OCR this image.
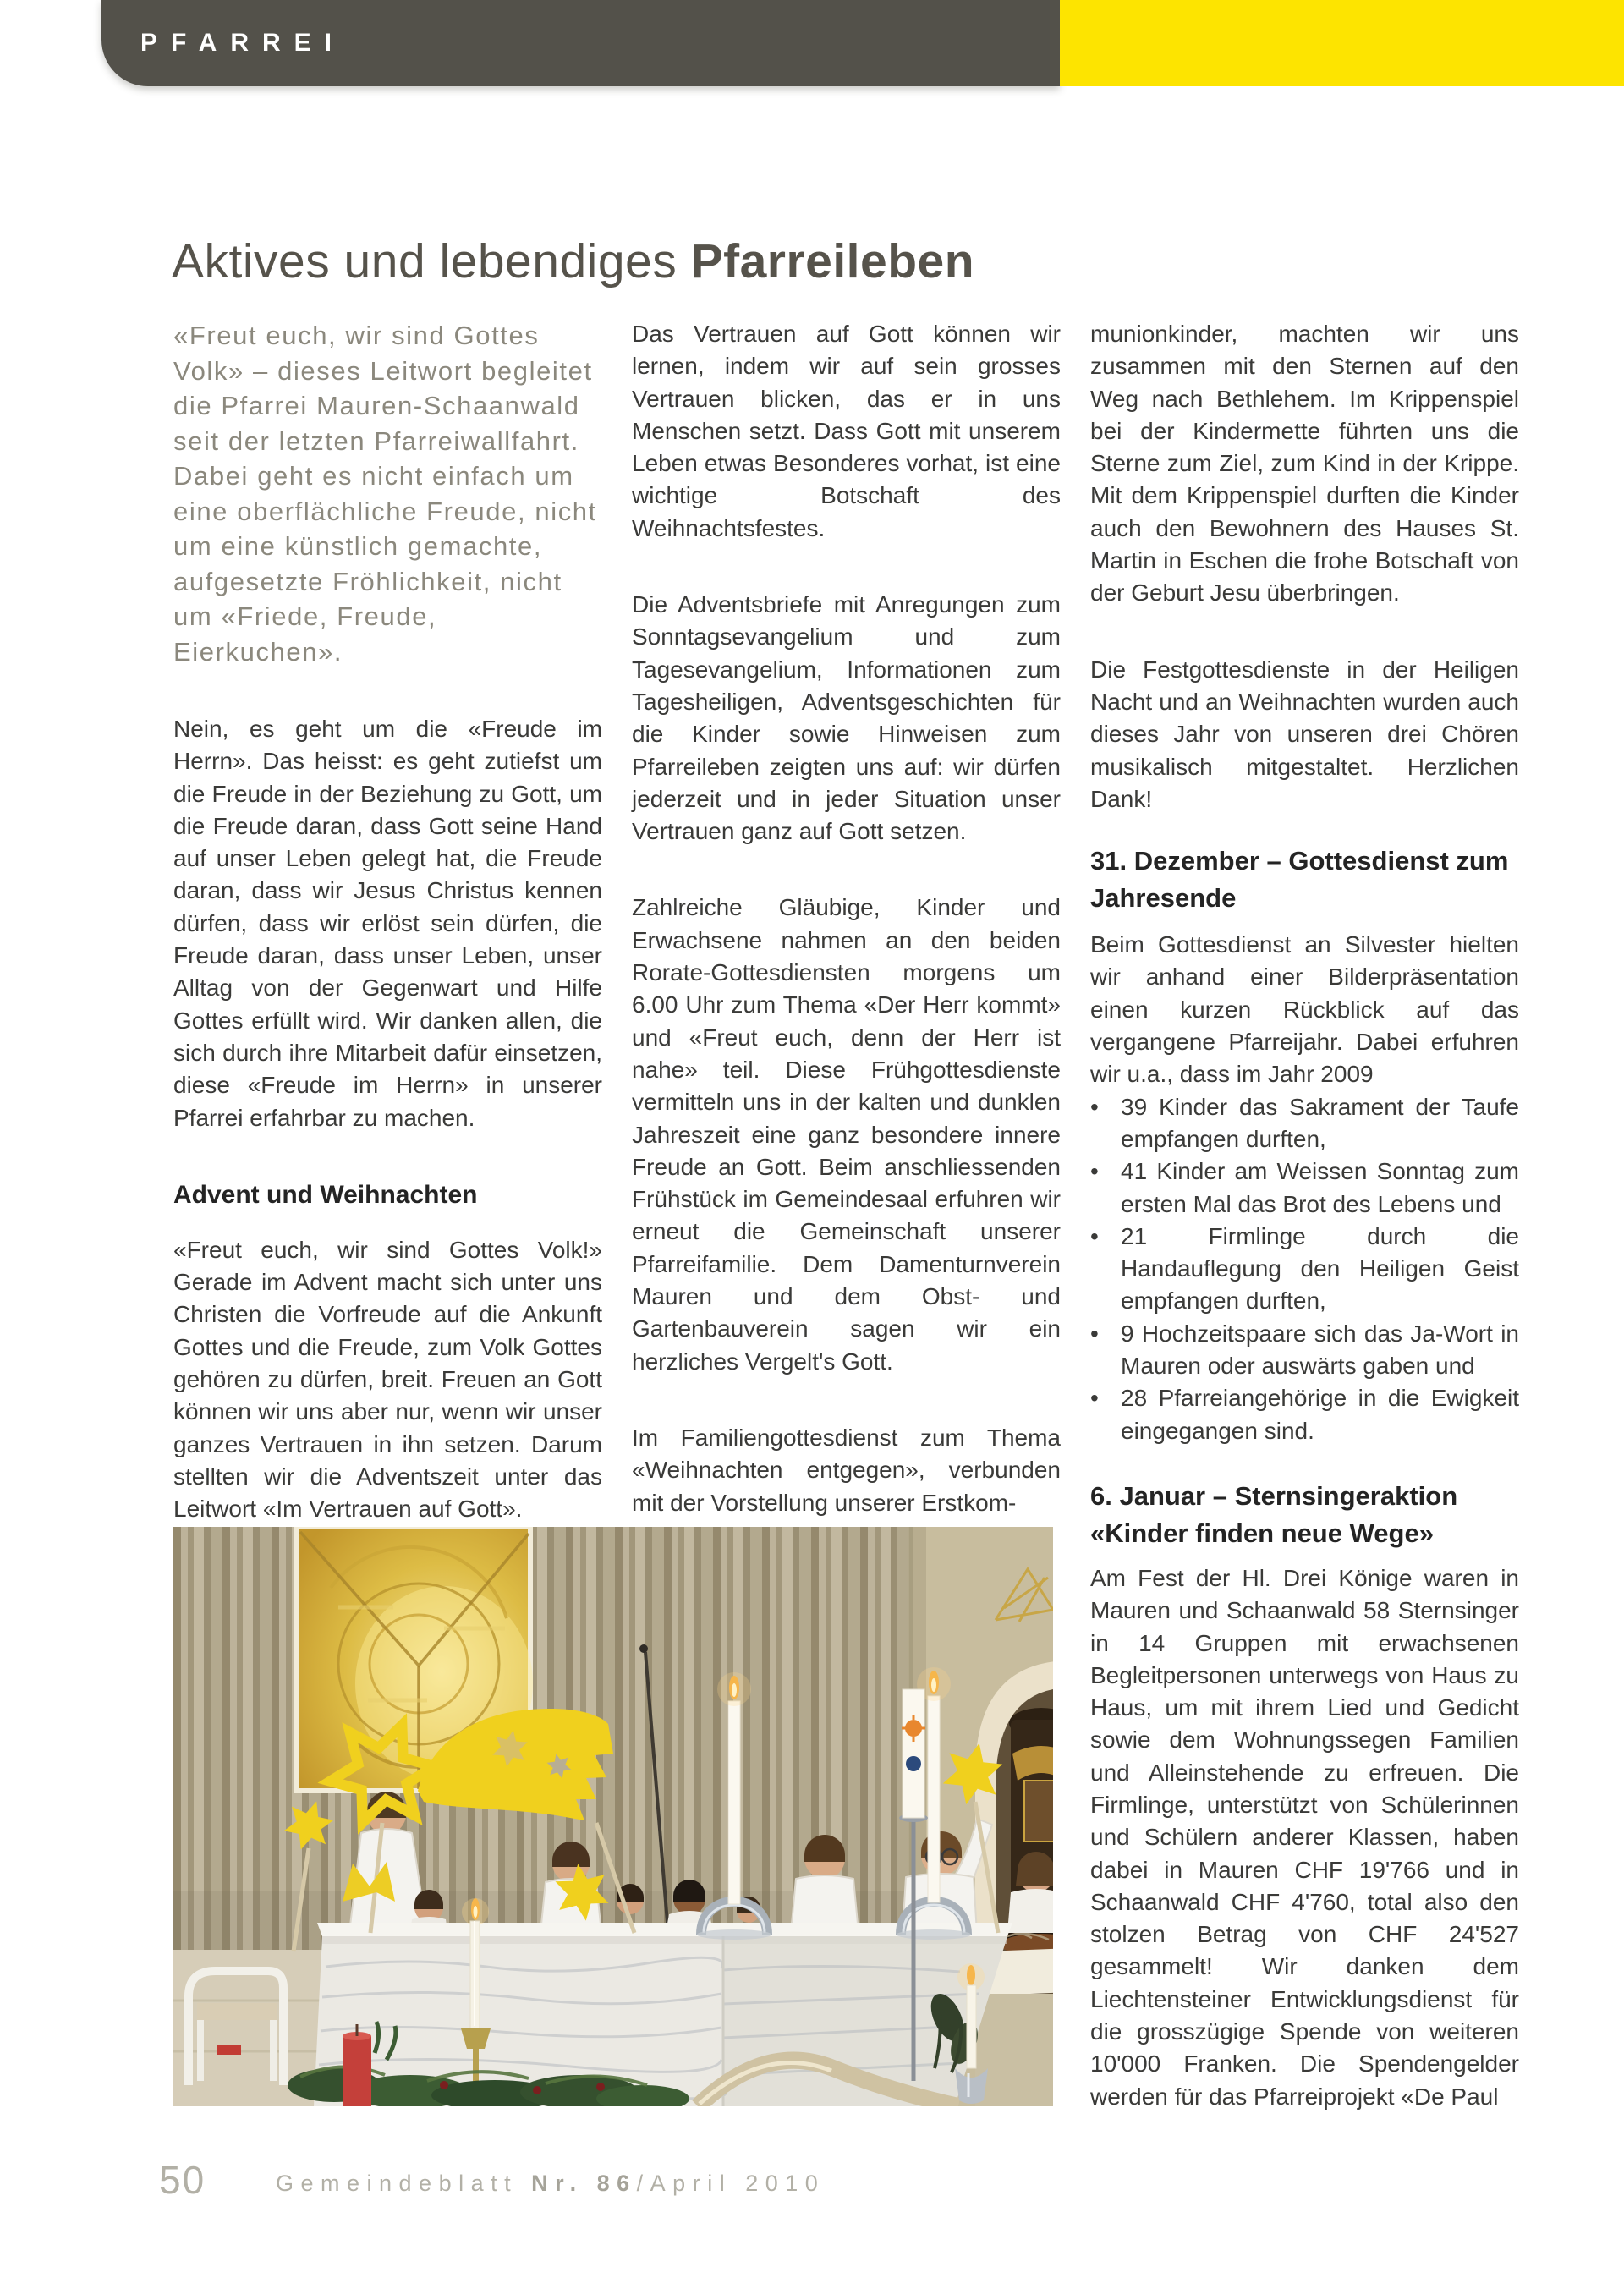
PFARREI
Aktives und lebendiges Pfarreileben

«Freut euch, wir sind Gottes Volk» – dieses Leitwort begleitet die Pfarrei Mauren-Schaanwald seit der letzten Pfarreiwallfahrt. Dabei geht es nicht einfach um eine oberflächliche Freude, nicht um eine künstlich gemachte, aufgesetzte Fröhlichkeit, nicht um «Friede, Freude, Eierkuchen».

Nein, es geht um die «Freude im Herrn». Das heisst: es geht zutiefst um die Freude in der Beziehung zu Gott, um die Freude daran, dass Gott seine Hand auf unser Leben gelegt hat, die Freude daran, dass wir Jesus Christus kennen dürfen, dass wir erlöst sein dürfen, die Freude daran, dass unser Leben, unser Alltag von der Gegenwart und Hilfe Gottes erfüllt wird. Wir danken allen, die sich durch ihre Mitarbeit dafür einsetzen, diese «Freude im Herrn» in unserer Pfarrei erfahrbar zu machen.

Advent und Weihnachten

«Freut euch, wir sind Gottes Volk!» Gerade im Advent macht sich unter uns Christen die Vorfreude auf die Ankunft Gottes und die Freude, zum Volk Gottes gehören zu dürfen, breit. Freuen an Gott können wir uns aber nur, wenn wir unser ganzes Vertrauen in ihn setzen. Darum stellten wir die Adventszeit unter das Leitwort «Im Vertrauen auf Gott».

Das Vertrauen auf Gott können wir lernen, indem wir auf sein grosses Vertrauen blicken, das er in uns Menschen setzt. Dass Gott mit unserem Leben etwas Besonderes vorhat, ist eine wichtige Botschaft des Weihnachtsfestes.

Die Adventsbriefe mit Anregungen zum Sonntagsevangelium und zum Tagesevangelium, Informationen zum Tagesheiligen, Adventsgeschichten für die Kinder sowie Hinweisen zum Pfarreileben zeigten uns auf: wir dürfen jederzeit und in jeder Situation unser Vertrauen ganz auf Gott setzen.

Zahlreiche Gläubige, Kinder und Erwachsene nahmen an den beiden Rorate-Gottesdiensten morgens um 6.00 Uhr zum Thema «Der Herr kommt» und «Freut euch, denn der Herr ist nahe» teil. Diese Frühgottesdienste vermitteln uns in der kalten und dunklen Jahreszeit eine ganz besondere innere Freude an Gott. Beim anschliessenden Frühstück im Gemeindesaal erfuhren wir erneut die Gemeinschaft unserer Pfarreifamilie. Dem Damenturnverein Mauren und dem Obst- und Gartenbauverein sagen wir ein herzliches Vergelt's Gott.

Im Familiengottesdienst zum Thema «Weihnachten entgegen», verbunden mit der Vorstellung unserer Erstkom-

munionkinder, machten wir uns zusammen mit den Sternen auf den Weg nach Bethlehem. Im Krippenspiel bei der Kindermette führten uns die Sterne zum Ziel, zum Kind in der Krippe. Mit dem Krippenspiel durften die Kinder auch den Bewohnern des Hauses St. Martin in Eschen die frohe Botschaft von der Geburt Jesu überbringen.

Die Festgottesdienste in der Heiligen Nacht und an Weihnachten wurden auch dieses Jahr von unseren drei Chören musikalisch mitgestaltet. Herzlichen Dank!

31. Dezember – Gottesdienst zum Jahresende

Beim Gottesdienst an Silvester hielten wir anhand einer Bilderpräsentation einen kurzen Rückblick auf das vergangene Pfarreijahr. Dabei erfuhren wir u.a., dass im Jahr 2009

• 39 Kinder das Sakrament der Taufe empfangen durften,
• 41 Kinder am Weissen Sonntag zum ersten Mal das Brot des Lebens und
• 21 Firmlinge durch die Handauflegung den Heiligen Geist empfangen durften,
• 9 Hochzeitspaare sich das Ja-Wort in Mauren oder auswärts gaben und
• 28 Pfarreiangehörige in die Ewigkeit eingegangen sind.
6. Januar – Sternsingeraktion «Kinder finden neue Wege»

Am Fest der Hl. Drei Könige waren in Mauren und Schaanwald 58 Sternsinger in 14 Gruppen mit erwachsenen Begleitpersonen unterwegs von Haus zu Haus, um mit ihrem Lied und Gedicht sowie dem Wohnungssegen Familien und Alleinstehende zu erfreuen. Die Firmlinge, unterstützt von Schülerinnen und Schülern anderer Klassen, haben dabei in Mauren CHF 19'766 und in Schaanwald CHF 4'760, total also den stolzen Betrag von CHF 24'527 gesammelt! Wir danken dem Liechtensteiner Entwicklungsdienst für die grosszügige Spende von weiteren 10'000 Franken. Die Spendengelder werden für das Pfarreiprojekt «De Paul

50	Gemeindeblatt Nr. 86/April 2010
